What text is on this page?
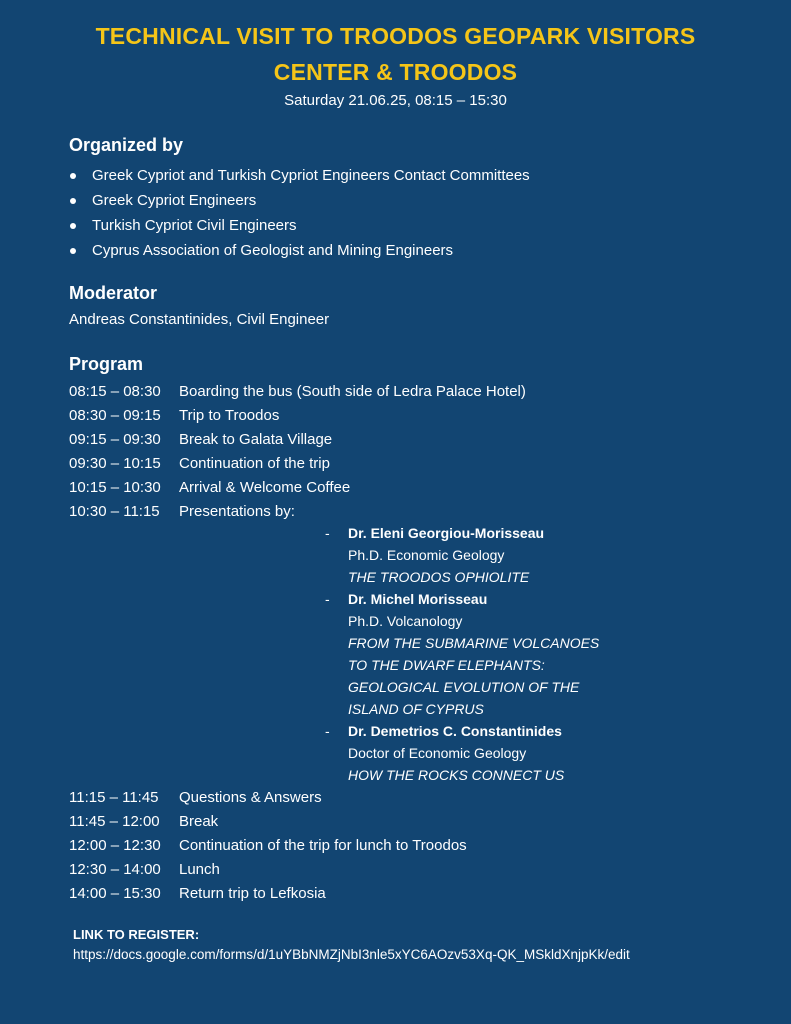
TECHNICAL VISIT TO TROODOS GEOPARK VISITORS
CENTER & TROODOS
Saturday 21.06.25, 08:15 – 15:30
Organized by
Greek Cypriot and Turkish Cypriot Engineers Contact Committees
Greek Cypriot Engineers
Turkish Cypriot Civil Engineers
Cyprus Association of Geologist and Mining Engineers
Moderator
Andreas Constantinides, Civil Engineer
Program
08:15 – 08:30 Boarding the bus (South side of Ledra Palace Hotel)
08:30 – 09:15 Trip to Troodos
09:15 – 09:30 Break to Galata Village
09:30 – 10:15 Continuation of the trip
10:15 – 10:30 Arrival & Welcome Coffee
10:30 – 11:15 Presentations by:
- Dr. Eleni Georgiou-Morisseau
Ph.D. Economic Geology
THE TROODOS OPHIOLITE
- Dr. Michel Morisseau
Ph.D. Volcanology
FROM THE SUBMARINE VOLCANOES
TO THE DWARF ELEPHANTS:
GEOLOGICAL EVOLUTION OF THE
ISLAND OF CYPRUS
- Dr. Demetrios C. Constantinides
Doctor of Economic Geology
HOW THE ROCKS CONNECT US
11:15 – 11:45 Questions & Answers
11:45 – 12:00 Break
12:00 – 12:30 Continuation of the trip for lunch to Troodos
12:30 – 14:00 Lunch
14:00 – 15:30 Return trip to Lefkosia
LINK TO REGISTER:
https://docs.google.com/forms/d/1uYBbNMZjNbI3nle5xYC6AOzv53Xq-QK_MSkldXnjpKk/edit
